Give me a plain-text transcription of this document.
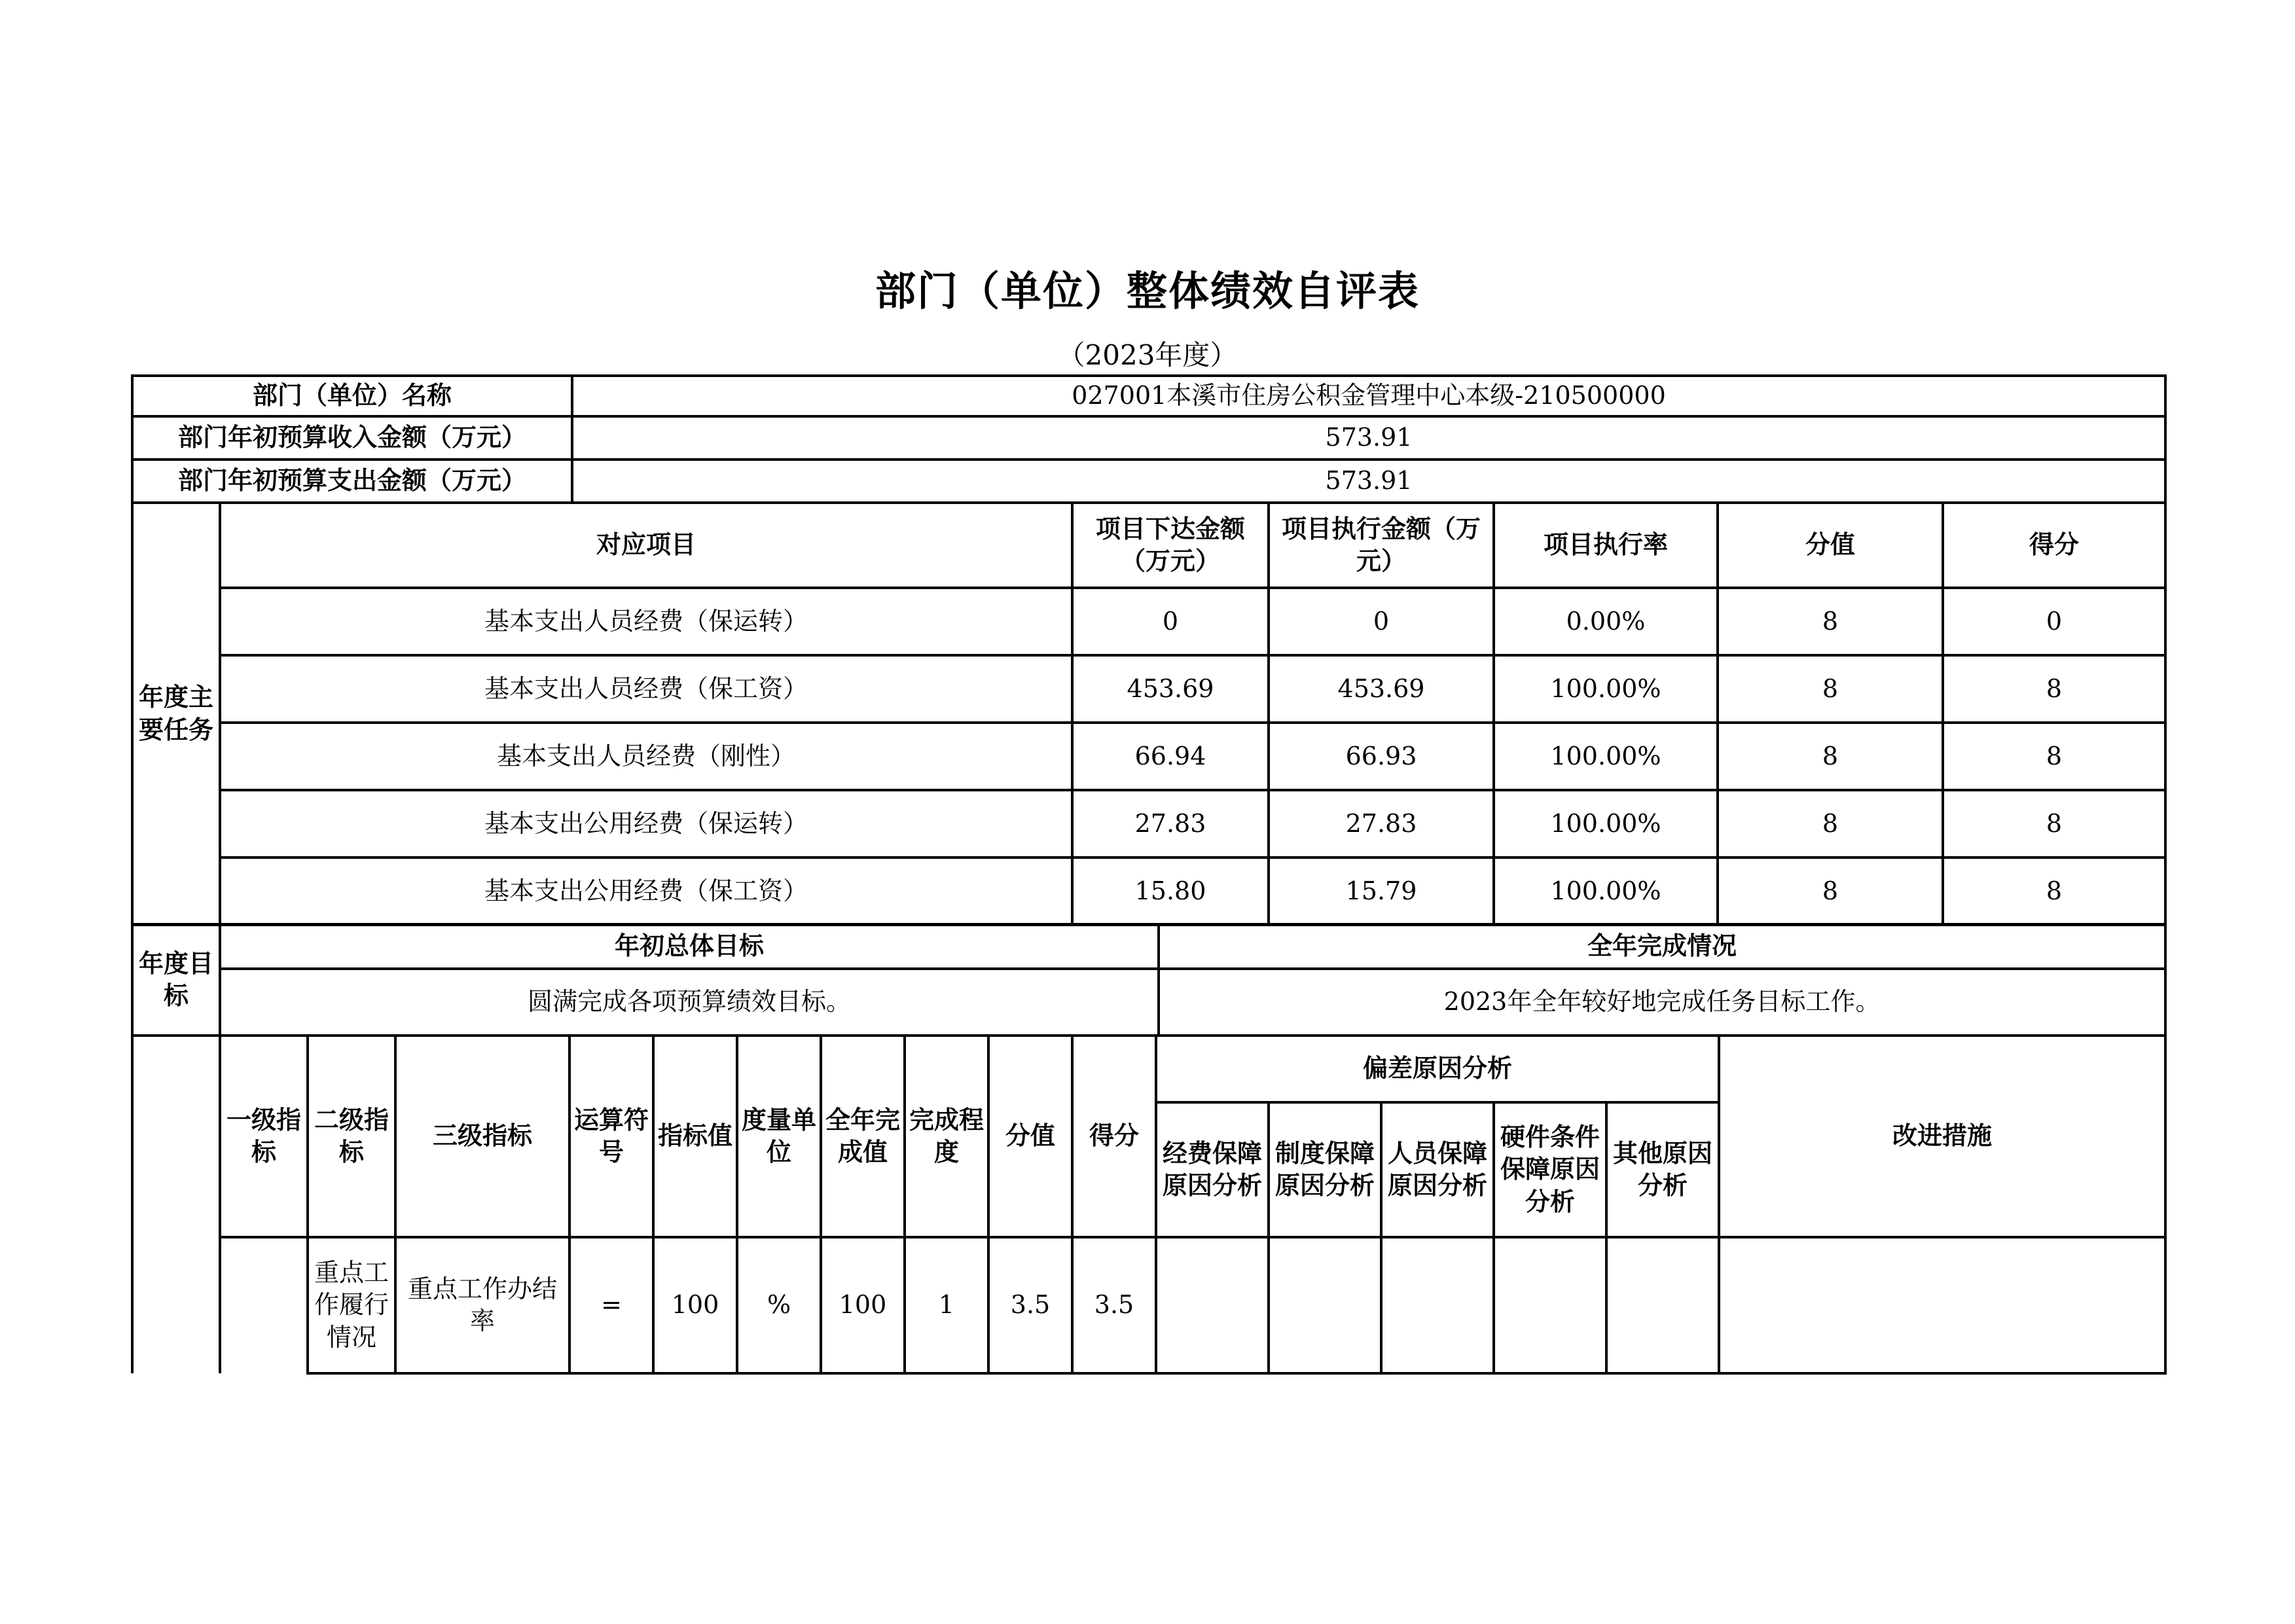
部门（单位）整体绩效自评表
（2023年度）
部门（单位）名称	027001本溪市住房公积金管理中心本级-210500000
部门年初预算收入金额（万元）	573.91
部门年初预算支出金额（万元）	573.91
年度主要任务	对应项目	项目下达金额（万元）	项目执行金额（万元）	项目执行率	分值	得分
	基本支出人员经费（保运转）	0	0	0.00%	8	0
	基本支出人员经费（保工资）	453.69	453.69	100.00%	8	8
	基本支出人员经费（刚性）	66.94	66.93	100.00%	8	8
	基本支出公用经费（保运转）	27.83	27.83	100.00%	8	8
	基本支出公用经费（保工资）	15.80	15.79	100.00%	8	8
年度目标	年初总体目标	全年完成情况
	圆满完成各项预算绩效目标。	2023年全年较好地完成任务目标工作。
	一级指标	二级指标	三级指标	运算符号	指标值	度量单位	全年完成值	完成程度	分值	得分	偏差原因分析					改进措施
											经费保障原因分析	制度保障原因分析	人员保障原因分析	硬件条件保障原因分析	其他原因分析	
		重点工作履行情况	重点工作办结率	=	100	%	100	1	3.5	3.5						
